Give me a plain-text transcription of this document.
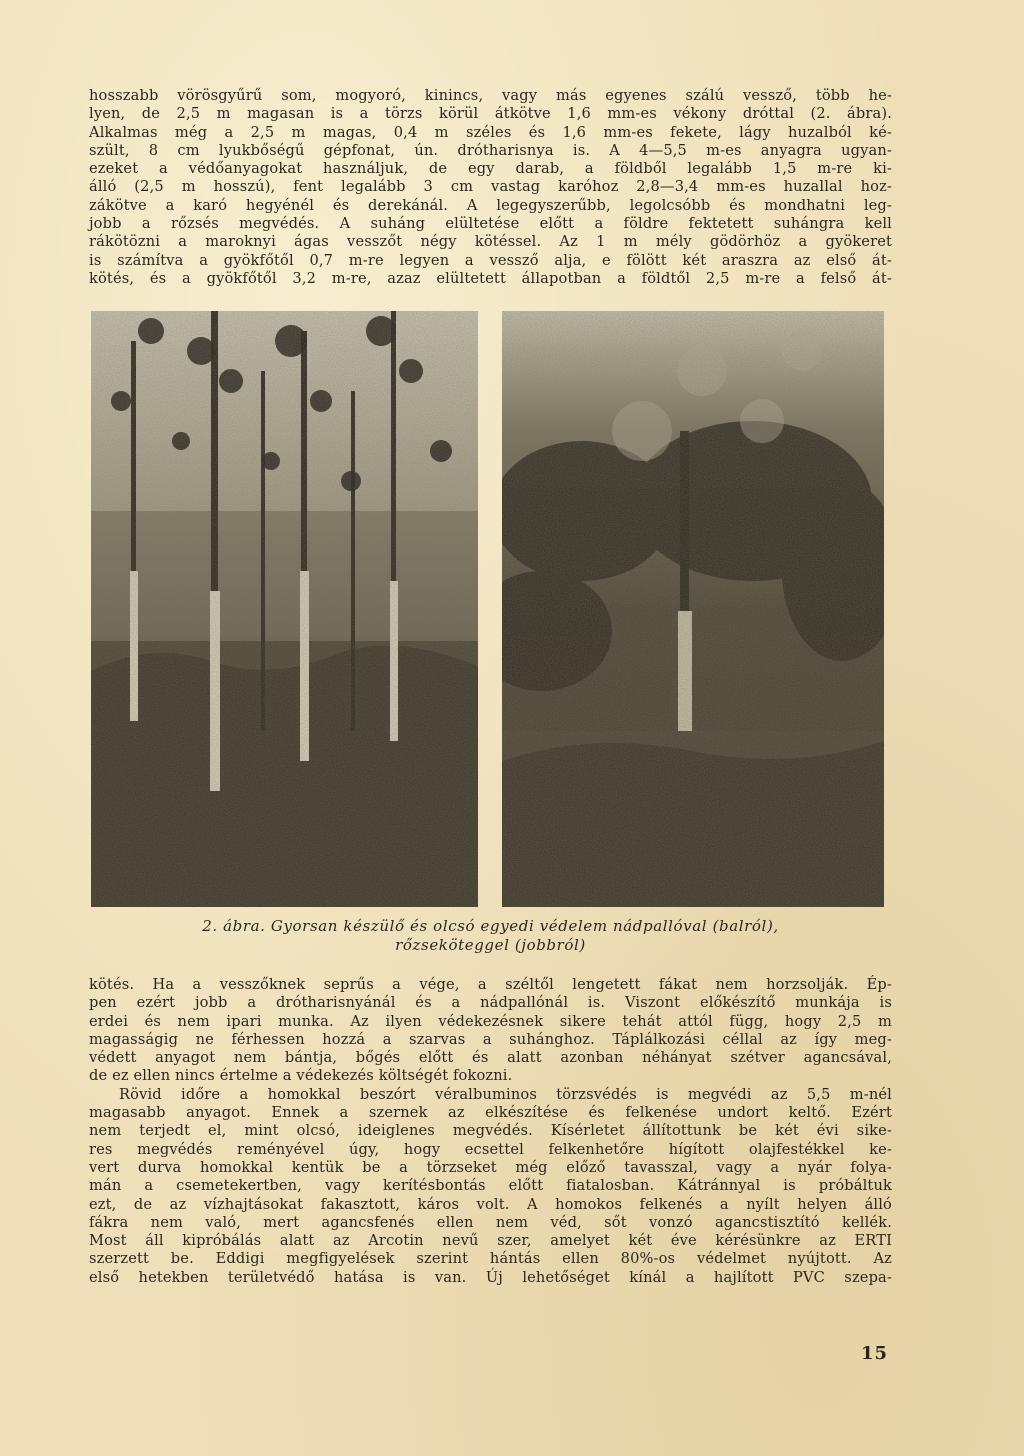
hosszabb vörösgyűrű som, mogyoró, kinincs, vagy más egyenes szálú vessző, több he-
lyen, de 2,5 m magasan is a törzs körül átkötve 1,6 mm-es vékony dróttal (2. ábra).
Alkalmas még a 2,5 m magas, 0,4 m széles és 1,6 mm-es fekete, lágy huzalból ké-
szült, 8 cm lyukbőségű gépfonat, ún. drótharisnya is. A 4—5,5 m-es anyagra ugyan-
ezeket a védőanyagokat használjuk, de egy darab, a földből legalább 1,5 m-re ki-
álló (2,5 m hosszú), fent legalább 3 cm vastag karóhoz 2,8—3,4 mm-es huzallal hoz-
zákötve a karó hegyénél és derekánál. A legegyszerűbb, legolcsóbb és mondhatni leg-
jobb a rőzsés megvédés. A suháng elültetése előtt a földre fektetett suhángra kell
rákötözni a maroknyi ágas vesszőt négy kötéssel. Az 1 m mély gödörhöz a gyökeret
is számítva a gyökfőtől 0,7 m-re legyen a vessző alja, e fölött két araszra az első át-
kötés, és a gyökfőtől 3,2 m-re, azaz elültetett állapotban a földtől 2,5 m-re a felső át-

2. ábra. Gyorsan készülő és olcsó egyedi védelem nádpallóval (balról),
rőzseköteggel (jobbról)
kötés. Ha a vesszőknek seprűs a vége, a széltől lengetett fákat nem horzsolják. Ép-
pen ezért jobb a drótharisnyánál és a nádpallónál is. Viszont előkészítő munkája is
erdei és nem ipari munka. Az ilyen védekezésnek sikere tehát attól függ, hogy 2,5 m
magasságig ne férhessen hozzá a szarvas a suhánghoz. Táplálkozási céllal az így meg-
védett anyagot nem bántja, bőgés előtt és alatt azonban néhányat szétver agancsával,
de ez ellen nincs értelme a védekezés költségét fokozni.
Rövid időre a homokkal beszórt véralbuminos törzsvédés is megvédi az 5,5 m-nél
magasabb anyagot. Ennek a szernek az elkészítése és felkenése undort keltő. Ezért
nem terjedt el, mint olcsó, ideiglenes megvédés. Kísérletet állítottunk be két évi sike-
res megvédés reményével úgy, hogy ecsettel felkenhetőre hígított olajfestékkel ke-
vert durva homokkal kentük be a törzseket még előző tavasszal, vagy a nyár folya-
mán a csemetekertben, vagy kerítésbontás előtt fiatalosban. Kátránnyal is próbáltuk
ezt, de az vízhajtásokat fakasztott, káros volt. A homokos felkenés a nyílt helyen álló
fákra nem való, mert agancsfenés ellen nem véd, sőt vonzó agancstisztító kellék.
Most áll kipróbálás alatt az Arcotin nevű szer, amelyet két éve kérésünkre az ERTI
szerzett be. Eddigi megfigyelések szerint hántás ellen 80%-os védelmet nyújtott. Az
első hetekben területvédő hatása is van. Új lehetőséget kínál a hajlított PVC szepa-
15
